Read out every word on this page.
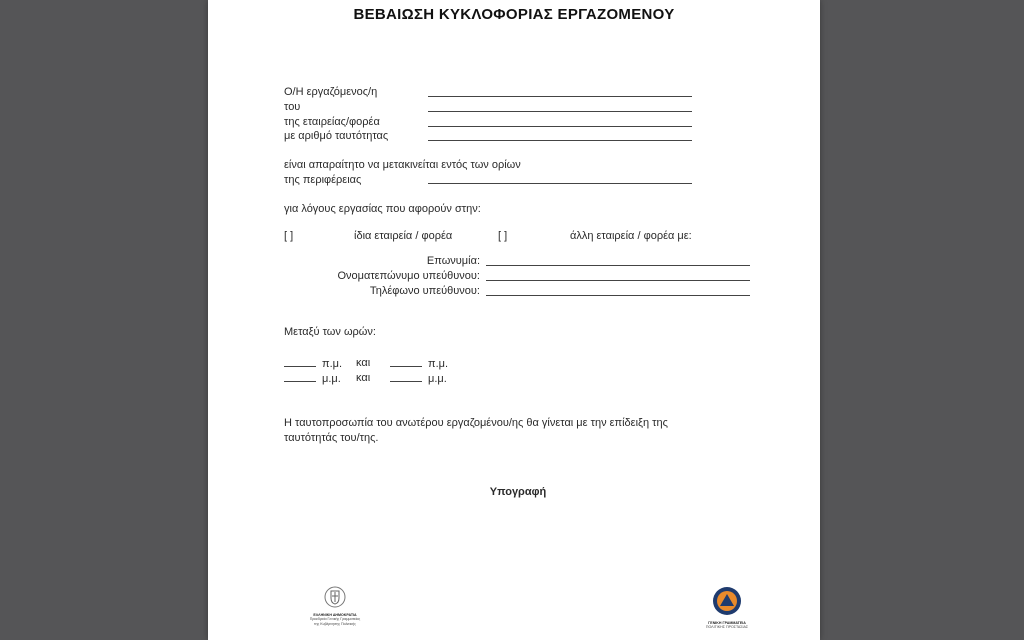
ΒΕΒΑΙΩΣΗ ΚΥΚΛΟΦΟΡΙΑΣ ΕΡΓΑΖΟΜΕΝΟΥ
Ο/Η εργαζόμενος/η
του
της εταιρείας/φορέα
με αριθμό ταυτότητας
είναι απαραίτητο να μετακινείται εντός των ορίων
της περιφέρειας
για λόγους εργασίας που αφορούν στην:
[ ]	ίδια εταιρεία / φορέα	[ ]	άλλη εταιρεία / φορέα με:
Επωνυμία:
Ονοματεπώνυμο υπεύθυνου:
Τηλέφωνο υπεύθυνου:
Μεταξύ των ωρών:
π.μ. και	π.μ.
μ.μ. και	μ.μ.
Η ταυτοπροσωπία του ανωτέρου εργαζομένου/ης θα γίνεται με την επίδειξη της
ταυτότητάς του/της.
Υπογραφή
ΕΛΛΗΝΙΚΗ ΔΗΜΟΚΡΑΤΙΑ
Προεδρεία Γενικής Γραμματείας
της Κυβέρνησης Πολιτικής	ΓΕΝΙΚΗ ΓΡΑΜΜΑΤΕΙΑ
ΠΟΛΙΤΙΚΗΣ ΠΡΟΣΤΑΣΙΑΣ
